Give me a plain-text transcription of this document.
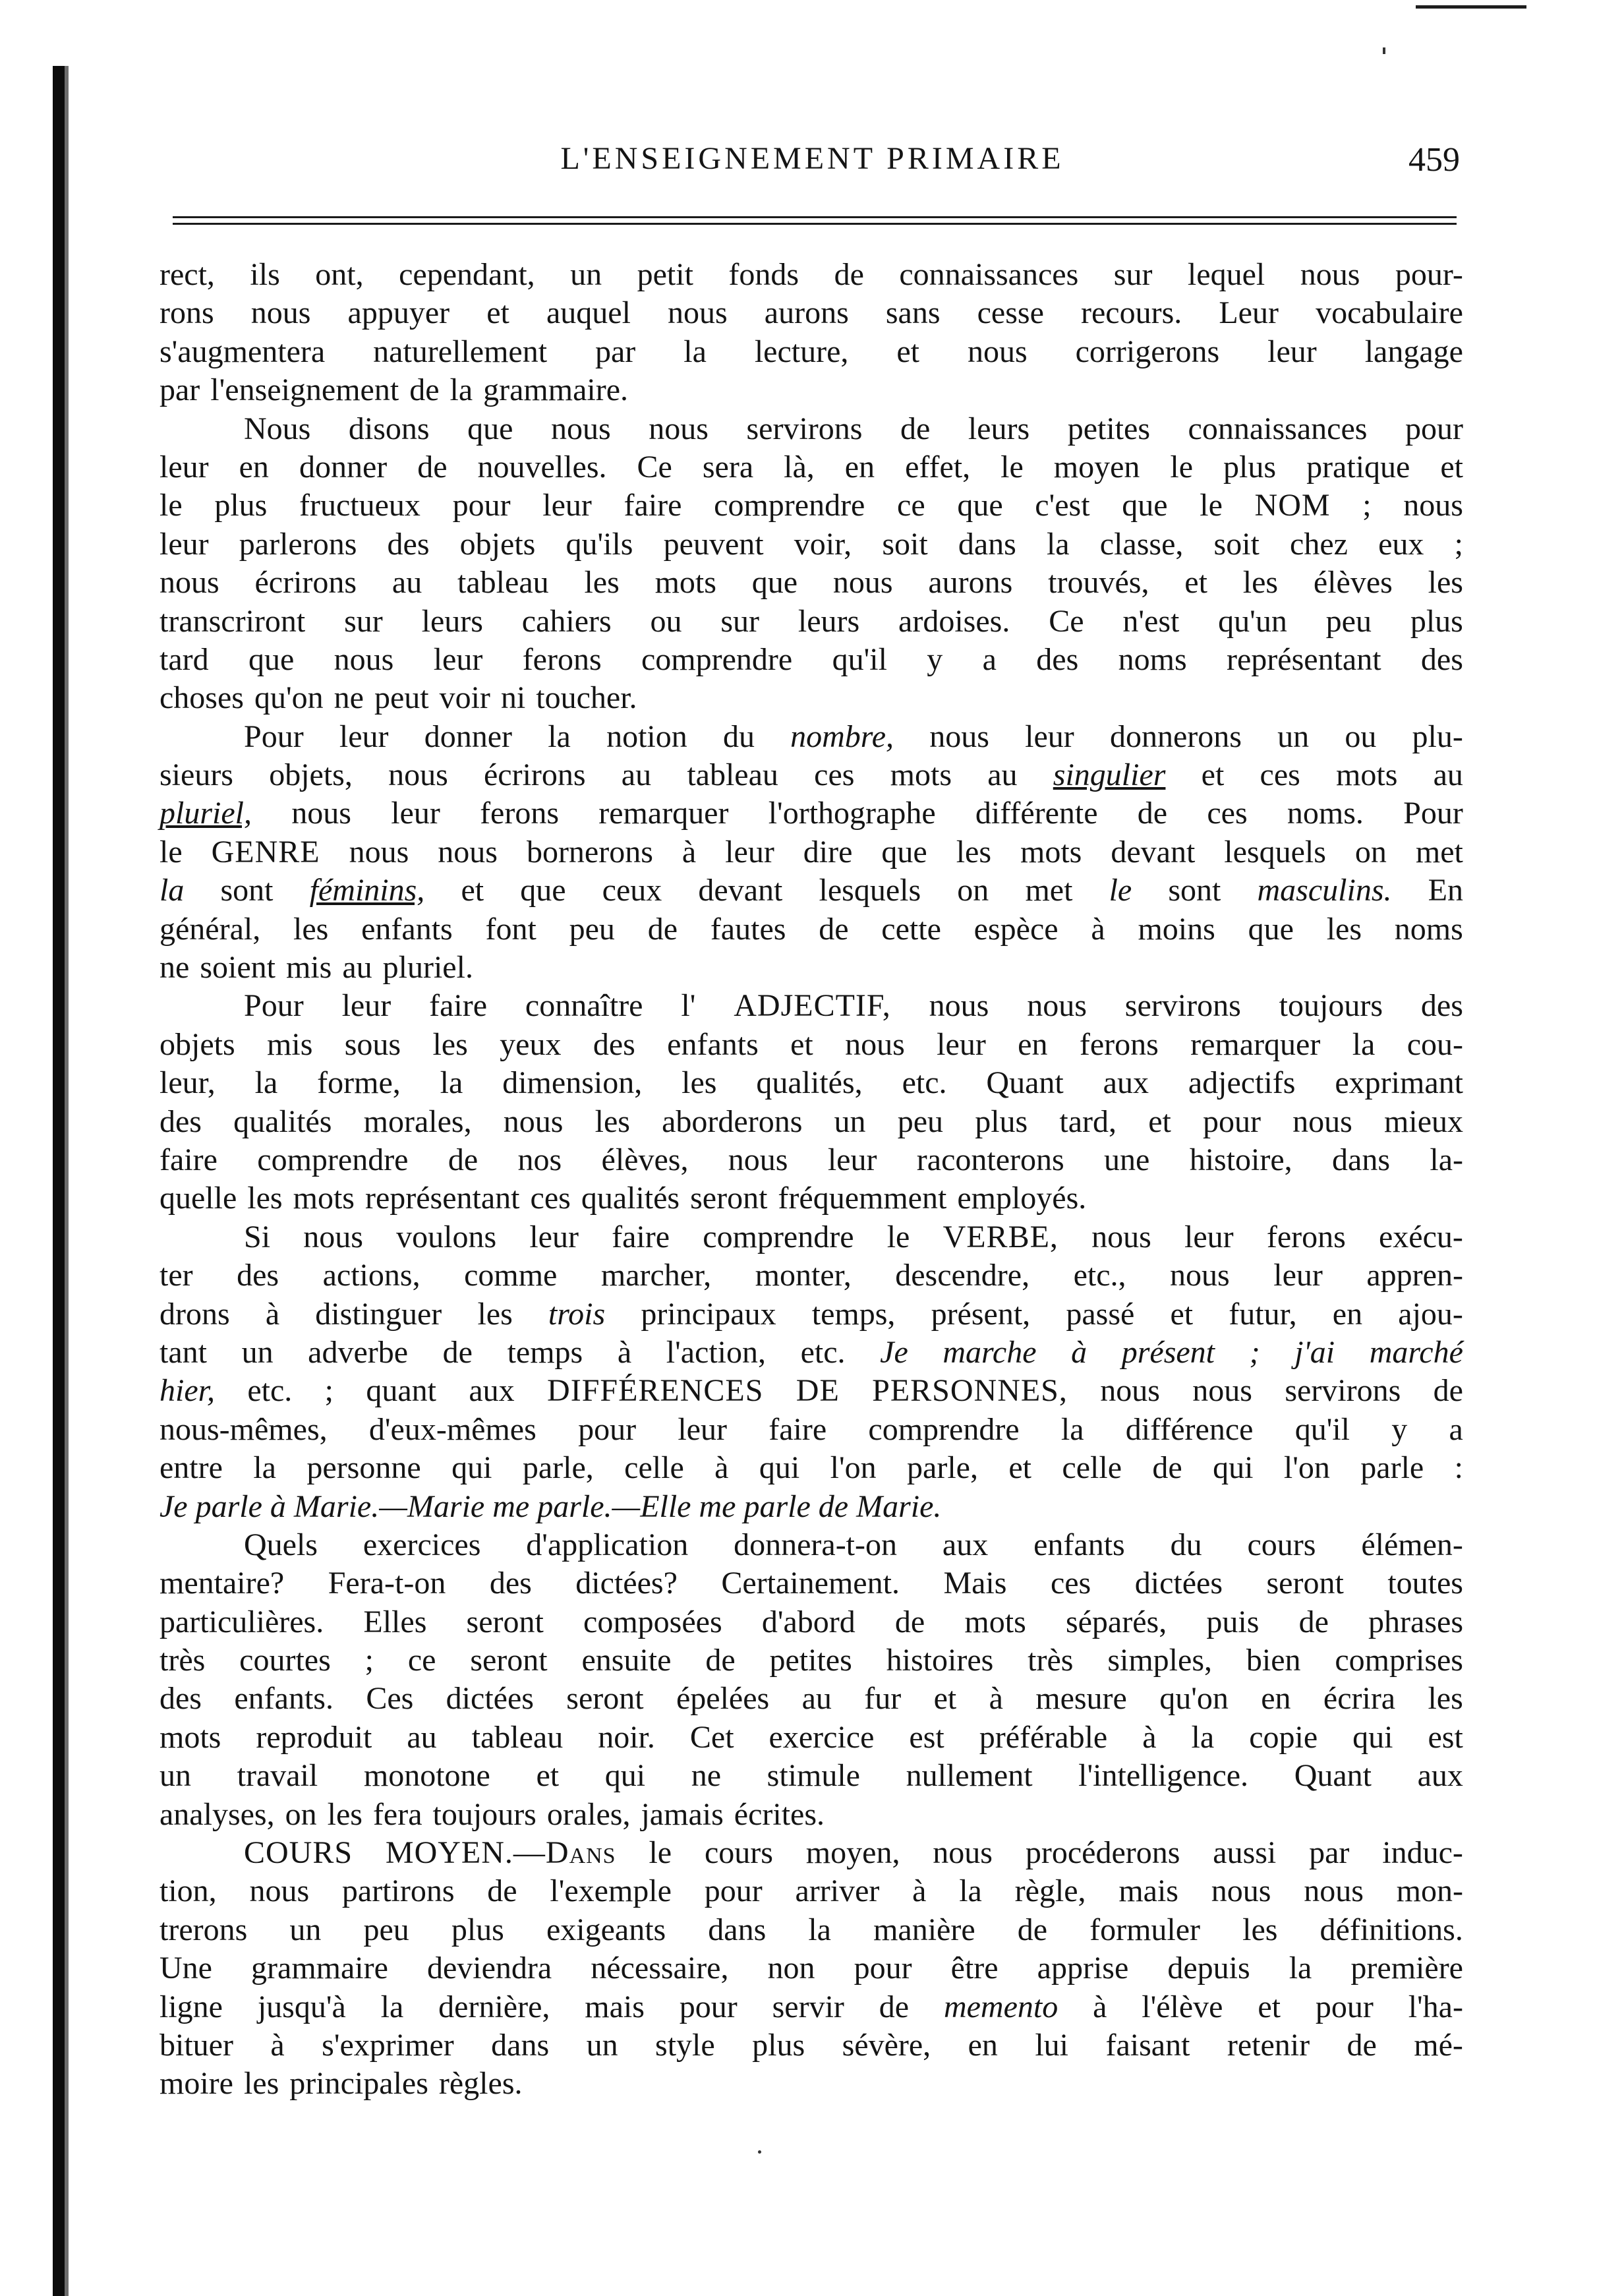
L'ENSEIGNEMENT PRIMAIRE	459
rect, ils ont, cependant, un petit fonds de connaissances sur lequel nous pour-
rons nous appuyer et auquel nous aurons sans cesse recours. Leur vocabulaire
s'augmentera naturellement par la lecture, et nous corrigerons leur langage
par l'enseignement de la grammaire.
Nous disons que nous nous servirons de leurs petites connaissances pour
leur en donner de nouvelles. Ce sera là, en effet, le moyen le plus pratique et
le plus fructueux pour leur faire comprendre ce que c'est que le NOM ; nous
leur parlerons des objets qu'ils peuvent voir, soit dans la classe, soit chez eux ;
nous écrirons au tableau les mots que nous aurons trouvés, et les élèves les
transcriront sur leurs cahiers ou sur leurs ardoises. Ce n'est qu'un peu plus
tard que nous leur ferons comprendre qu'il y a des noms représentant des
choses qu'on ne peut voir ni toucher.
Pour leur donner la notion du nombre, nous leur donnerons un ou plu-
sieurs objets, nous écrirons au tableau ces mots au singulier et ces mots au
pluriel, nous leur ferons remarquer l'orthographe différente de ces noms. Pour
le GENRE nous nous bornerons à leur dire que les mots devant lesquels on met
la sont féminins, et que ceux devant lesquels on met le sont masculins. En
général, les enfants font peu de fautes de cette espèce à moins que les noms
ne soient mis au pluriel.
Pour leur faire connaître l' ADJECTIF, nous nous servirons toujours des
objets mis sous les yeux des enfants et nous leur en ferons remarquer la cou-
leur, la forme, la dimension, les qualités, etc. Quant aux adjectifs exprimant
des qualités morales, nous les aborderons un peu plus tard, et pour nous mieux
faire comprendre de nos élèves, nous leur raconterons une histoire, dans la-
quelle les mots représentant ces qualités seront fréquemment employés.
Si nous voulons leur faire comprendre le VERBE, nous leur ferons exécu-
ter des actions, comme marcher, monter, descendre, etc., nous leur appren-
drons à distinguer les trois principaux temps, présent, passé et futur, en ajou-
tant un adverbe de temps à l'action, etc. Je marche à présent ; j'ai marché
hier, etc. ; quant aux DIFFÉRENCES DE PERSONNES, nous nous servirons de
nous-mêmes, d'eux-mêmes pour leur faire comprendre la différence qu'il y a
entre la personne qui parle, celle à qui l'on parle, et celle de qui l'on parle :
Je parle à Marie.—Marie me parle.—Elle me parle de Marie.
Quels exercices d'application donnera-t-on aux enfants du cours élémen-
mentaire? Fera-t-on des dictées? Certainement. Mais ces dictées seront toutes
particulières. Elles seront composées d'abord de mots séparés, puis de phrases
très courtes ; ce seront ensuite de petites histoires très simples, bien comprises
des enfants. Ces dictées seront épelées au fur et à mesure qu'on en écrira les
mots reproduit au tableau noir. Cet exercice est préférable à la copie qui est
un travail monotone et qui ne stimule nullement l'intelligence. Quant aux
analyses, on les fera toujours orales, jamais écrites.
COURS MOYEN.—Dans le cours moyen, nous procéderons aussi par induc-
tion, nous partirons de l'exemple pour arriver à la règle, mais nous nous mon-
trerons un peu plus exigeants dans la manière de formuler les définitions.
Une grammaire deviendra nécessaire, non pour être apprise depuis la première
ligne jusqu'à la dernière, mais pour servir de memento à l'élève et pour l'ha-
bituer à s'exprimer dans un style plus sévère, en lui faisant retenir de mé-
moire les principales règles.
